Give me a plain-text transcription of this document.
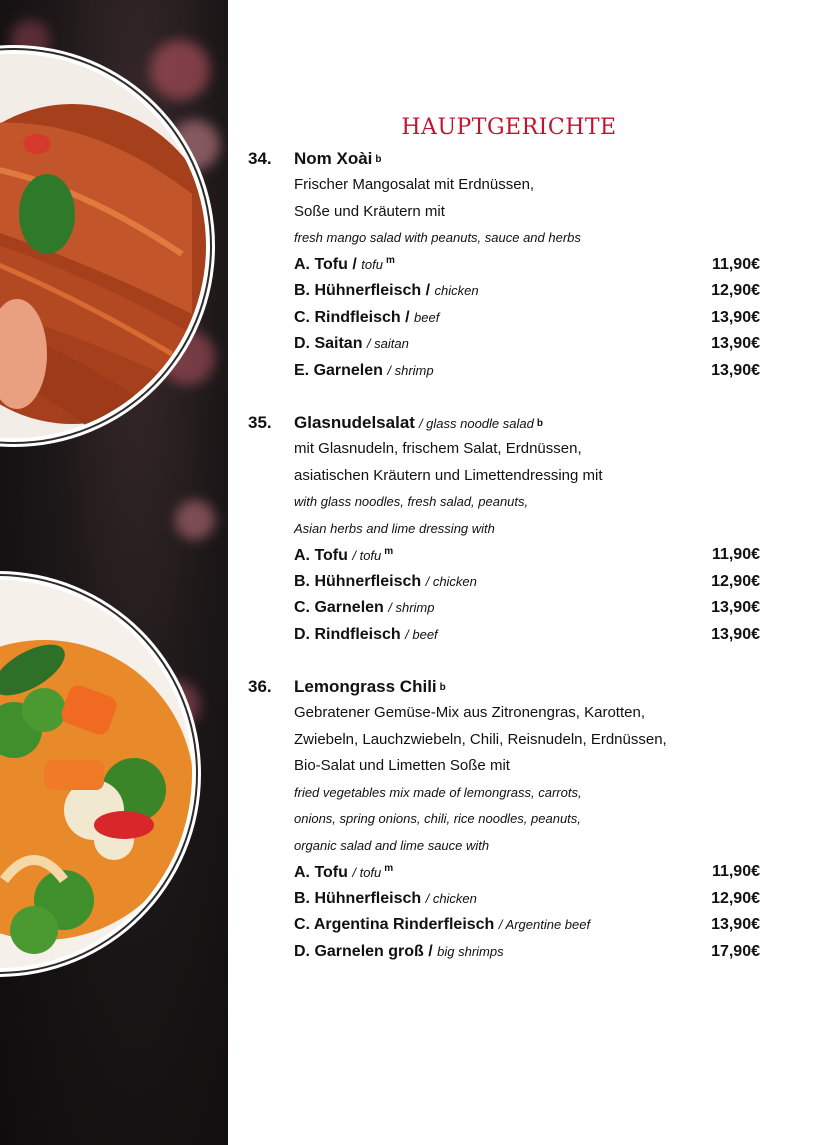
HAUPTGERICHTE
34.	Nom Xoài b
Frischer Mangosalat mit Erdnüssen,
Soße und Kräutern mit
fresh mango salad with peanuts, sauce and herbs
A. Tofu / tofu $^m$	11,90€
B. Hühnerfleisch / chicken	12,90€
C. Rindfleisch / beef	13,90€
D. Saitan / saitan	13,90€
E. Garnelen / shrimp	13,90€
35.	Glasnudelsalat / glass noodle salad b
mit Glasnudeln, frischem Salat, Erdnüssen,
asiatischen Kräutern und Limettendressing mit
with glass noodles, fresh salad, peanuts,
Asian herbs and lime dressing with
A. Tofu / tofu $^m$	11,90€
B. Hühnerfleisch / chicken	12,90€
C. Garnelen / shrimp	13,90€
D. Rindfleisch / beef	13,90€
36.	Lemongrass Chili b
Gebratener Gemüse-Mix aus Zitronengras, Karotten,
Zwiebeln, Lauchzwiebeln, Chili, Reisnudeln, Erdnüssen,
Bio-Salat und Limetten Soße mit
fried vegetables mix made of lemongrass, carrots,
onions, spring onions, chili, rice noodles, peanuts,
organic salad and lime sauce with
A. Tofu / tofu $^m$	11,90€
B. Hühnerfleisch / chicken	12,90€
C. Argentina Rinderfleisch / Argentine beef	13,90€
D. Garnelen groß / big shrimps	17,90€
